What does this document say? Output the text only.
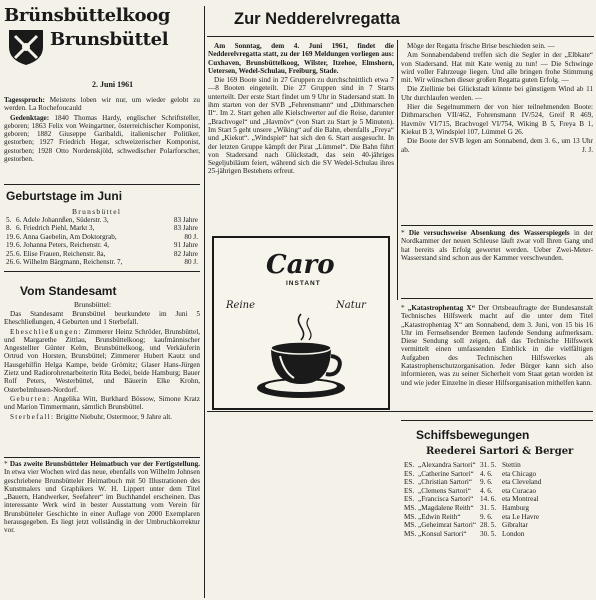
Brünsbüttelkoog
Brunsbüttel
2. Juni 1961

Tagesspruch: Meistens loben wir nur, um wieder gelobt zu werden. La Rochefoucauld

Gedenktage: 1840 Thomas Hardy, englischer Schriftsteller, geboren; 1863 Felix von Weingartner, österreichischer Komponist, geboren; 1882 Giuseppe Garibaldi, italienischer Politiker, gestorben; 1927 Friedrich Hegar, schweizerischer Komponist, gestorben; 1928 Otto Nordenskjöld, schwedischer Polarforscher, gestorben.

Geburtstage im Juni
Brunsbüttel
5. 6. Adele Johannßen, Süderstr. 3,	83 Jahre
8. 6. Friedrich Piehl, Markt 3,	83 Jahre
19. 6. Anna Gaebelin, Am Doktorgrab,	80 J.
19. 6. Johanna Peters, Reichenstr. 4,	91 Jahre
25. 6. Elise Frauen, Reichenstr. 8a,	82 Jahre
26. 6. Wilhelm Bärgmann, Reichenstr. 7,	80 J.
Vom Standesamt
Brunsbüttel:

Das Standesamt Brunsbüttel beurkundete im Juni 5 Eheschließungen, 4 Geburten und 1 Sterbefall.

Eheschließungen: Zimmerer Heinz Schröder, Brunsbüttel, und Margarethe Zittlau, Brunsbüttelkoog; kaufmännischer Angestellter Günter Kelm, Brunsbüttelkoog, und Verkäuferin Ortrud von Horsten, Brunsbüttel; Zimmerer Hubert Kautz und Hausgehilfin Helga Kampe, beide Grömitz; Glaser Hans-Jürgen Zietz und Radiorohrenarbeiterin Rita Bedei, beide Hamburg; Bauer Rolf Peters, Westerbüttel, und Bäuerin Elke Krohn, Osterbelmhusen-Nordorf.

Geburten: Angelika Witt, Burkhard Bössow, Simone Kratz und Marion Timmermann, sämtlich Brunsbüttel.

Sterbefall: Brigitte Niebuhr, Ostermoor, 9 Jahre alt.

* Das zweite Brunsbütteler Heimatbuch vor der Fertigstellung. In etwa vier Wochen wird das neue, ebenfalls von Wilhelm Johnsen geschriebene Brunsbütteler Heimatbuch mit 50 Illustrationen des Kunstmalers und Graphikers W. H. Lippert unter dem Titel „Bauern, Handwerker, Seefahrer“ im Buchhandel erscheinen. Das interessante Werk wird in bester Ausstattung vom Verein für Brunsbütteler Geschichte in einer Auflage von 2000 Exemplaren herausgegeben. Es liegt jetzt vollständig in der Umbruchkorrektur vor.

Zur Nedderelvregatta

Am Sonntag, dem 4. Juni 1961, findet die Nedderelvregatta statt, zu der 169 Meldungen vorliegen aus: Cuxhaven, Brunsbüttelkoog, Wilster, Itzehoe, Elmshorn, Uetersen, Wedel-Schulau, Freiburg, Stade.

Die 169 Boote sind in 27 Gruppen zu durchschnittlich etwa 7—8 Booten eingeteilt. Die 27 Gruppen sind in 7 Starts unterteilt. Der erste Start findet um 9 Uhr in Stadersand statt. In ihm starten von der SVB „Fehrensmann“ und „Dithmarschen II“. Im 2. Start gehen alle Kielschwerter auf die Reise, darunter „Brachvogel“ und „Havmöv“ (von Start zu Start je 5 Minuten). Im Start 5 geht unsere „Wiking“ auf die Bahn, ebenfalls „Freya“ und „Kiekut“. „Windspiel“ hat sich den 6. Start ausgesucht. In der letzten Gruppe kämpft der Pirat „Lümmel“. Die Bahn führt von Stadersand nach Glückstadt, das sein 40-jähriges Segeljubiläum feiert, während sich die SV Wedel-Schulau ihres 25-jährigen Bestehens erfreut.

Möge der Regatta frische Brise beschieden sein. —

Am Sonnabendabend treffen sich die Segler in der „Elbkate“ von Stadersand. Hat mit Kate wenig zu tun! — Die Schwinge wird voller Fahrzeuge liegen. Und alle bringen frohe Stimmung mit. Wir wünschen dieser großen Regatta guten Erfolg. —

Die Ziellinie bei Glückstadt könnte bei günstigem Wind ab 11 Uhr durchlaufen werden. —

Hier die Segelnummern der von hier teilnehmenden Boote: Dithmarschen VII/462, Fohrensmann IV/524, Greif R 469, Havmöv VI/715, Brachvogel VI/754, Wiking B 5, Freya B 1, Kiekut B 3, Windspiel 107, Lümmel G 26.

Die Boote der SVB legen am Sonnabend, dem 3. 6., um 13 Uhr ab.	J. J.

Caro
INSTANT
Reine	Natur

* Die versuchsweise Absenkung des Wasserspiegels in der Nordkammer der neuen Schleuse läuft zwar voll Ihren Gang und hat bereits als Erfolg gewertet werden. Ueber Zwei-Meter-Wasserstand sind schon aus der Kammer verschwunden.

* „Katastrophentag X“ Der Ortsbeauftragte der Bundesanstalt Technisches Hilfswerk macht auf die unter dem Titel „Katastrophentag X“ am Sonnabend, dem 3. Juni, von 15 bis 16 Uhr im Fernsehsender Bremen laufende Sendung aufmerksam. Diese Sendung soll zeigen, daß das Technische Hilfswerk vermittelt einen umfassenden Einblick in die vielfältigen Aufgaben des Technischen Hilfswerkes als Katastrophenschutzorganisation. Jeder Bürger kann sich also informieren, was zu seiner Sicherheit vom Staat getan worden ist und wie jeder Einzelne in dieser Hilfsorganisation mithelfen kann.

Schiffsbewegungen
Reederei Sartori & Berger
ES. „Alexandra Sartori“ 31. 5. Stettin
ES. „Catherine Sartori“ 4. 6.	eta Chicago
ES. „Christian Sartori“	9. 6.	eta Cleveland
ES. „Clemens Sartori“	4. 6.	eta Curacao
ES. „Francisca Sartori“ 14. 6. eta Montreal
MS. „Magdalene Reith“ 31. 5. Hamburg
MS. „Edwin Reith“	9. 6.	eta Le Havre
MS. „Geheimrat Sartori“ 28. 5. Gibraltar
MS. „Konsul Sartori“	30. 5. London
